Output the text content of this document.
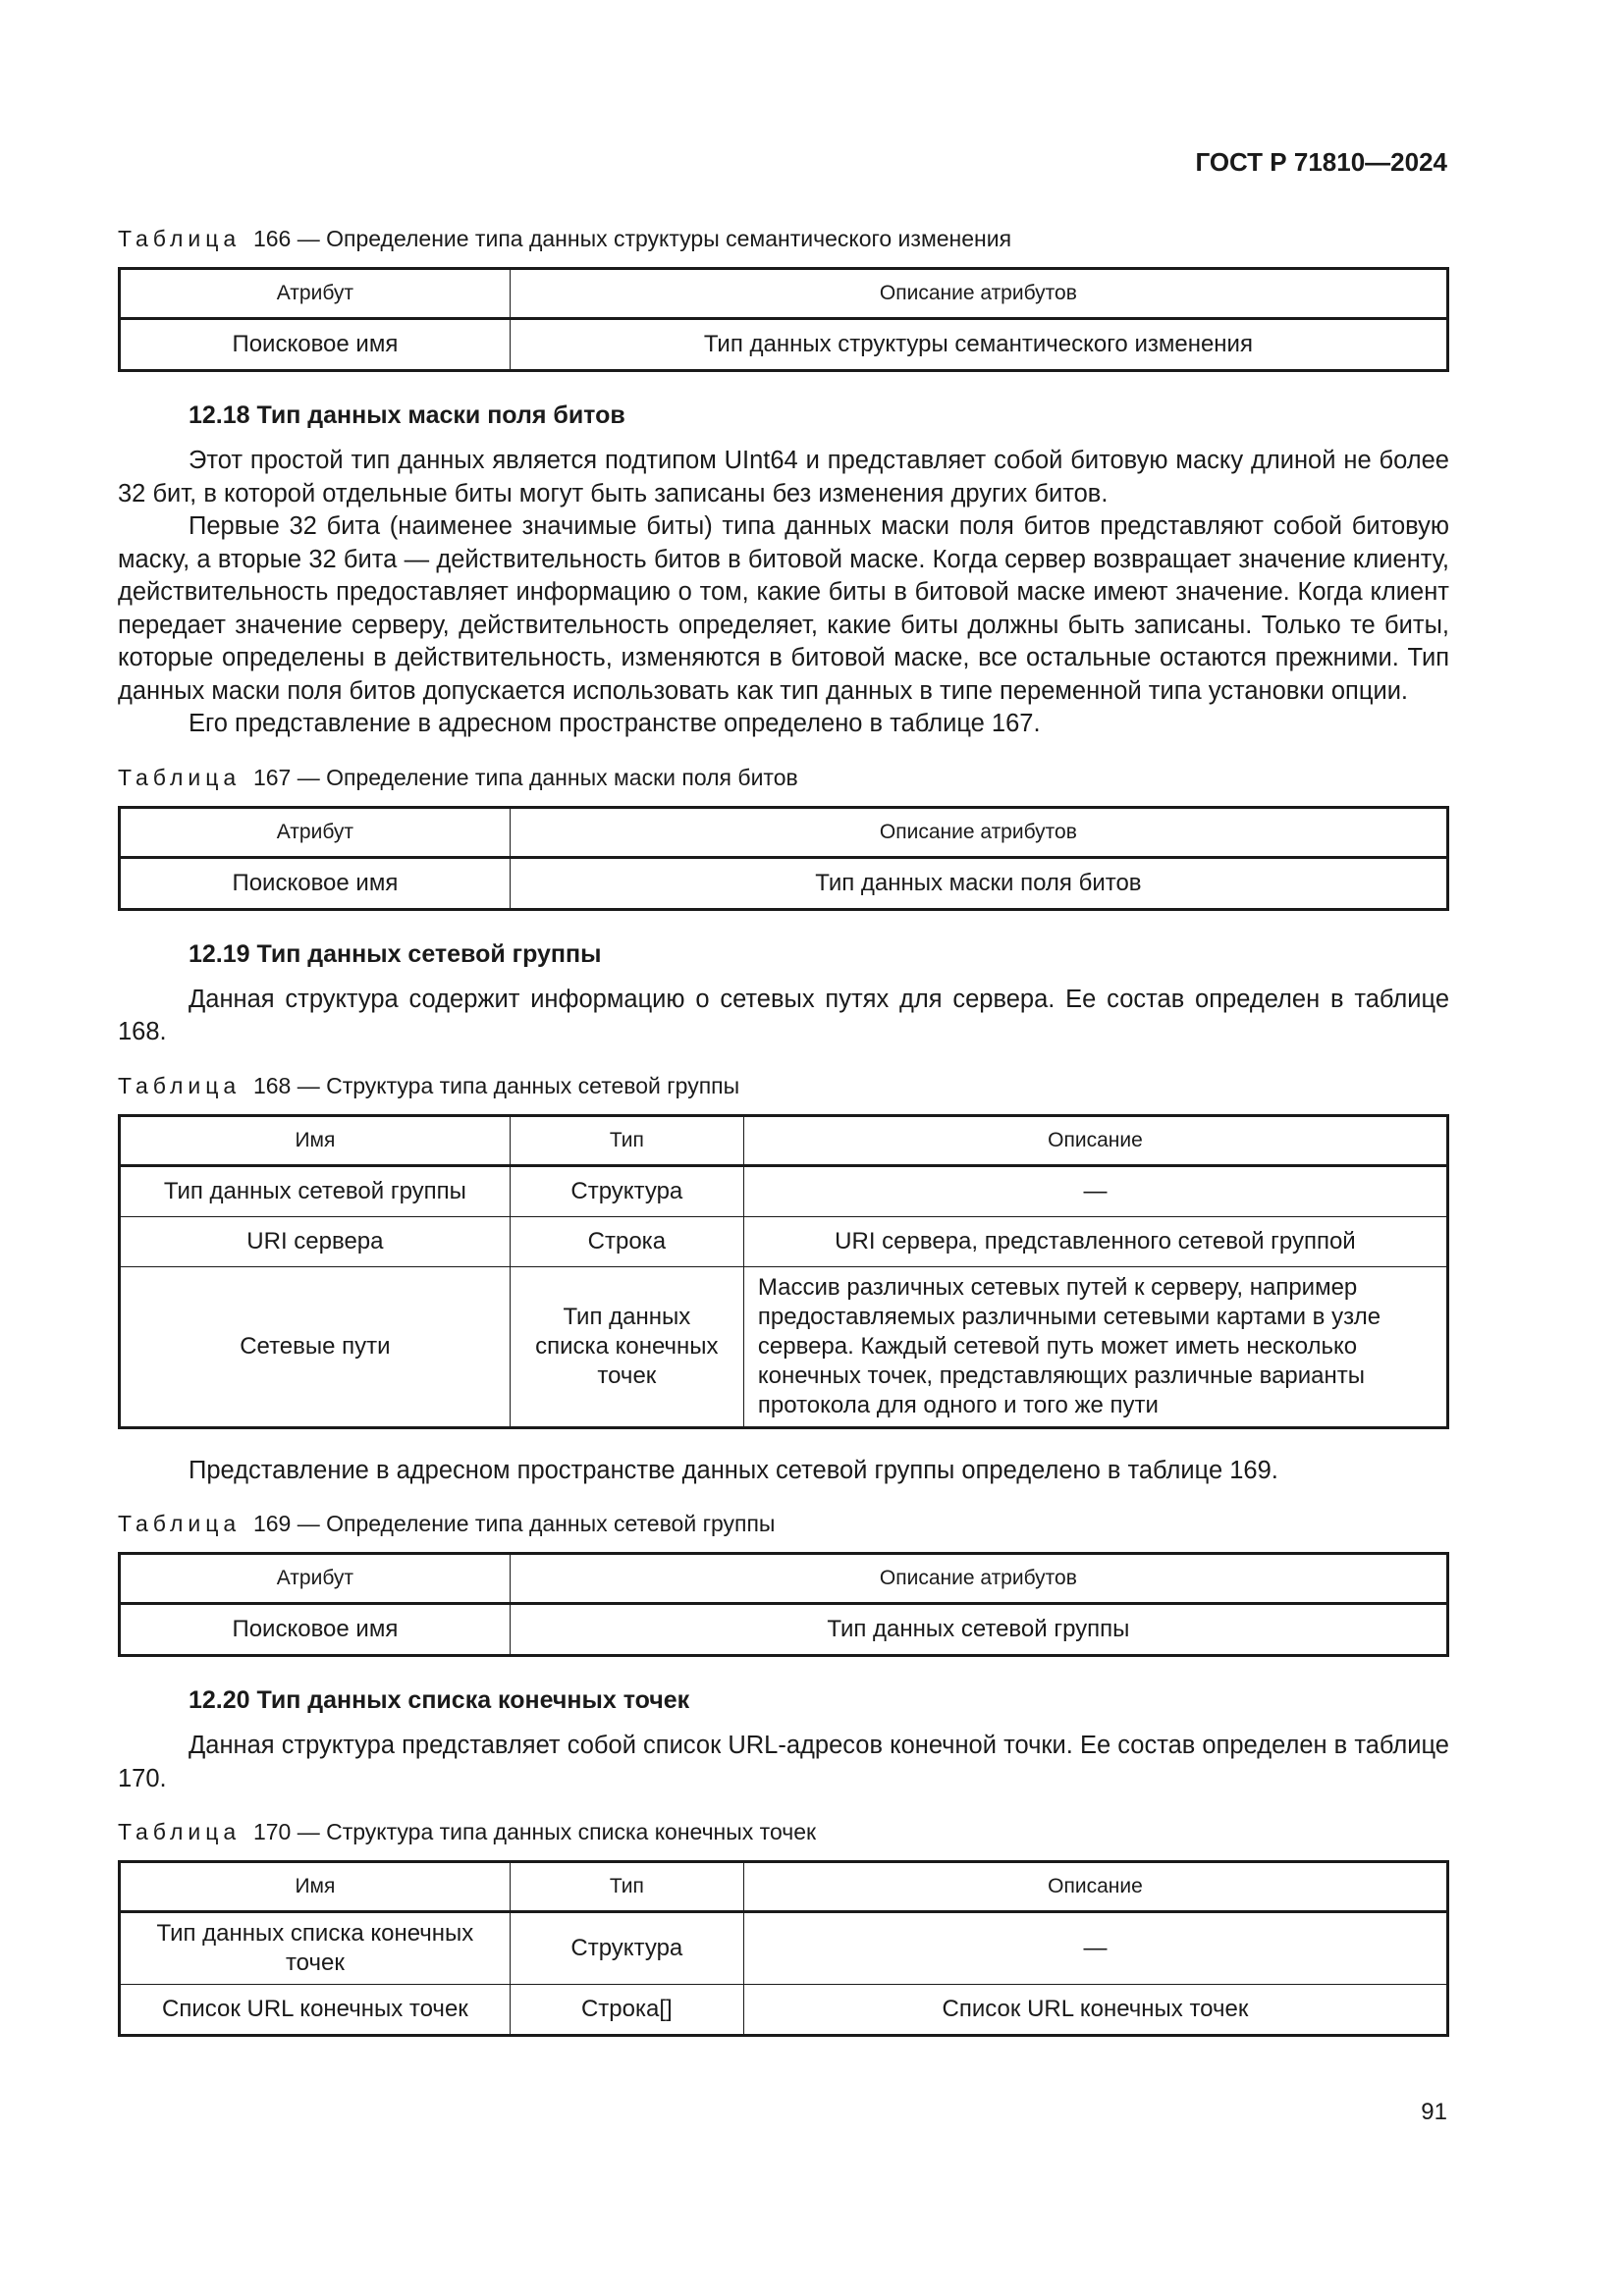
ГОСТ Р 71810—2024
Таблица 166 — Определение типа данных структуры семантического изменения
Атрибут	Описание атрибутов
Поисковое имя	Тип данных структуры семантического изменения
12.18 Тип данных маски поля битов

Этот простой тип данных является подтипом UInt64 и представляет собой битовую маску длиной не более 32 бит, в которой отдельные биты могут быть записаны без изменения других битов.

Первые 32 бита (наименее значимые биты) типа данных маски поля битов представляют собой битовую маску, а вторые 32 бита — действительность битов в битовой маске. Когда сервер возвращает значение клиенту, действительность предоставляет информацию о том, какие биты в битовой маске имеют значение. Когда клиент передает значение серверу, действительность определяет, какие биты должны быть записаны. Только те биты, которые определены в действительность, изменяются в битовой маске, все остальные остаются прежними. Тип данных маски поля битов допускается использовать как тип данных в типе переменной типа установки опции.

Его представление в адресном пространстве определено в таблице 167.

Таблица 167 — Определение типа данных маски поля битов
Атрибут	Описание атрибутов
Поисковое имя	Тип данных маски поля битов
12.19 Тип данных сетевой группы

Данная структура содержит информацию о сетевых путях для сервера. Ее состав определен в таблице 168.

Таблица 168 — Структура типа данных сетевой группы
Имя	Тип	Описание
Тип данных сетевой группы	Структура	—
URI сервера	Строка	URI сервера, представленного сетевой группой
Сетевые пути	Тип данных списка конечных точек	Массив различных сетевых путей к серверу, например предоставляемых различными сетевыми картами в узле сервера. Каждый сетевой путь может иметь несколько конечных точек, представляющих различные варианты протокола для одного и того же пути

Представление в адресном пространстве данных сетевой группы определено в таблице 169.

Таблица 169 — Определение типа данных сетевой группы
Атрибут	Описание атрибутов
Поисковое имя	Тип данных сетевой группы
12.20 Тип данных списка конечных точек

Данная структура представляет собой список URL-адресов конечной точки. Ее состав определен в таблице 170.

Таблица 170 — Структура типа данных списка конечных точек
Имя	Тип	Описание
Тип данных списка конечных точек	Структура	—
Список URL конечных точек	Строка[]	Список URL конечных точек
91
